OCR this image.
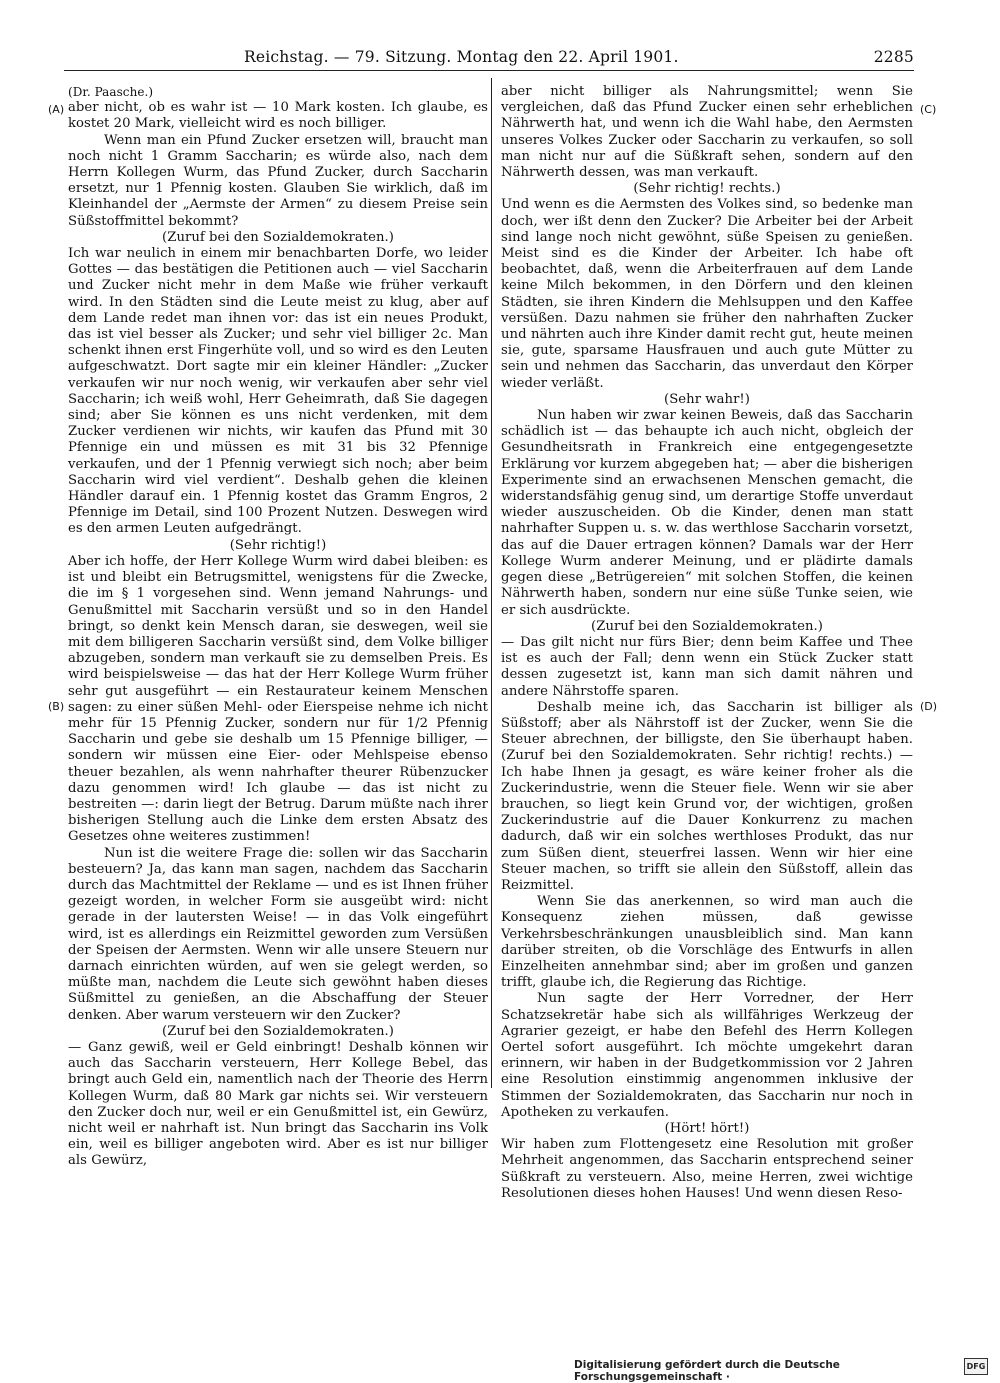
Reichstag. — 79. Sitzung. Montag den 22. April 1901.	2285
(A)
(B)
(C)
(D)

(Dr. Paasche.)

aber nicht, ob es wahr ist — 10 Mark kosten. Ich glaube, es kostet 20 Mark, vielleicht wird es noch billiger.

Wenn man ein Pfund Zucker ersetzen will, braucht man noch nicht 1 Gramm Saccharin; es würde also, nach dem Herrn Kollegen Wurm, das Pfund Zucker, durch Saccharin ersetzt, nur 1 Pfennig kosten. Glauben Sie wirklich, daß im Kleinhandel der „Aermste der Armen“ zu diesem Preise sein Süßstoffmittel bekommt?

(Zuruf bei den Sozialdemokraten.)

Ich war neulich in einem mir benachbarten Dorfe, wo leider Gottes — das bestätigen die Petitionen auch — viel Saccharin und Zucker nicht mehr in dem Maße wie früher verkauft wird. In den Städten sind die Leute meist zu klug, aber auf dem Lande redet man ihnen vor: das ist ein neues Produkt, das ist viel besser als Zucker; und sehr viel billiger 2c. Man schenkt ihnen erst Fingerhüte voll, und so wird es den Leuten aufgeschwatzt. Dort sagte mir ein kleiner Händler: „Zucker verkaufen wir nur noch wenig, wir verkaufen aber sehr viel Saccharin; ich weiß wohl, Herr Geheimrath, daß Sie dagegen sind; aber Sie können es uns nicht verdenken, mit dem Zucker verdienen wir nichts, wir kaufen das Pfund mit 30 Pfennige ein und müssen es mit 31 bis 32 Pfennige verkaufen, und der 1 Pfennig verwiegt sich noch; aber beim Saccharin wird viel verdient“. Deshalb gehen die kleinen Händler darauf ein. 1 Pfennig kostet das Gramm Engros, 2 Pfennige im Detail, sind 100 Prozent Nutzen. Deswegen wird es den armen Leuten aufgedrängt.

(Sehr richtig!)

Aber ich hoffe, der Herr Kollege Wurm wird dabei bleiben: es ist und bleibt ein Betrugsmittel, wenigstens für die Zwecke, die im § 1 vorgesehen sind. Wenn jemand Nahrungs- und Genußmittel mit Saccharin versüßt und so in den Handel bringt, so denkt kein Mensch daran, sie deswegen, weil sie mit dem billigeren Saccharin versüßt sind, dem Volke billiger abzugeben, sondern man verkauft sie zu demselben Preis. Es wird beispielsweise — das hat der Herr Kollege Wurm früher sehr gut ausgeführt — ein Restaurateur keinem Menschen sagen: zu einer süßen Mehl- oder Eierspeise nehme ich nicht mehr für 15 Pfennig Zucker, sondern nur für 1/2 Pfennig Saccharin und gebe sie deshalb um 15 Pfennige billiger, — sondern wir müssen eine Eier- oder Mehlspeise ebenso theuer bezahlen, als wenn nahrhafter theurer Rübenzucker dazu genommen wird! Ich glaube — das ist nicht zu bestreiten —: darin liegt der Betrug. Darum müßte nach ihrer bisherigen Stellung auch die Linke dem ersten Absatz des Gesetzes ohne weiteres zustimmen!

Nun ist die weitere Frage die: sollen wir das Saccharin besteuern? Ja, das kann man sagen, nachdem das Saccharin durch das Machtmittel der Reklame — und es ist Ihnen früher gezeigt worden, in welcher Form sie ausgeübt wird: nicht gerade in der lautersten Weise! — in das Volk eingeführt wird, ist es allerdings ein Reizmittel geworden zum Versüßen der Speisen der Aermsten. Wenn wir alle unsere Steuern nur darnach einrichten würden, auf wen sie gelegt werden, so müßte man, nachdem die Leute sich gewöhnt haben dieses Süßmittel zu genießen, an die Abschaffung der Steuer denken. Aber warum versteuern wir den Zucker?

(Zuruf bei den Sozialdemokraten.)

— Ganz gewiß, weil er Geld einbringt! Deshalb können wir auch das Saccharin versteuern, Herr Kollege Bebel, das bringt auch Geld ein, namentlich nach der Theorie des Herrn Kollegen Wurm, daß 80 Mark gar nichts sei. Wir versteuern den Zucker doch nur, weil er ein Genußmittel ist, ein Gewürz, nicht weil er nahrhaft ist. Nun bringt das Saccharin ins Volk ein, weil es billiger angeboten wird. Aber es ist nur billiger als Gewürz,

aber nicht billiger als Nahrungsmittel; wenn Sie vergleichen, daß das Pfund Zucker einen sehr erheblichen Nährwerth hat, und wenn ich die Wahl habe, den Aermsten unseres Volkes Zucker oder Saccharin zu verkaufen, so soll man nicht nur auf die Süßkraft sehen, sondern auf den Nährwerth dessen, was man verkauft.

(Sehr richtig! rechts.)

Und wenn es die Aermsten des Volkes sind, so bedenke man doch, wer ißt denn den Zucker? Die Arbeiter bei der Arbeit sind lange noch nicht gewöhnt, süße Speisen zu genießen. Meist sind es die Kinder der Arbeiter. Ich habe oft beobachtet, daß, wenn die Arbeiterfrauen auf dem Lande keine Milch bekommen, in den Dörfern und den kleinen Städten, sie ihren Kindern die Mehlsuppen und den Kaffee versüßen. Dazu nahmen sie früher den nahrhaften Zucker und nährten auch ihre Kinder damit recht gut, heute meinen sie, gute, sparsame Hausfrauen und auch gute Mütter zu sein und nehmen das Saccharin, das unverdaut den Körper wieder verläßt.

(Sehr wahr!)

Nun haben wir zwar keinen Beweis, daß das Saccharin schädlich ist — das behaupte ich auch nicht, obgleich der Gesundheitsrath in Frankreich eine entgegengesetzte Erklärung vor kurzem abgegeben hat; — aber die bisherigen Experimente sind an erwachsenen Menschen gemacht, die widerstandsfähig genug sind, um derartige Stoffe unverdaut wieder auszuscheiden. Ob die Kinder, denen man statt nahrhafter Suppen u. s. w. das werthlose Saccharin vorsetzt, das auf die Dauer ertragen können? Damals war der Herr Kollege Wurm anderer Meinung, und er plädirte damals gegen diese „Betrügereien“ mit solchen Stoffen, die keinen Nährwerth haben, sondern nur eine süße Tunke seien, wie er sich ausdrückte.

(Zuruf bei den Sozialdemokraten.)

— Das gilt nicht nur fürs Bier; denn beim Kaffee und Thee ist es auch der Fall; denn wenn ein Stück Zucker statt dessen zugesetzt ist, kann man sich damit nähren und andere Nährstoffe sparen.

Deshalb meine ich, das Saccharin ist billiger als Süßstoff; aber als Nährstoff ist der Zucker, wenn Sie die Steuer abrechnen, der billigste, den Sie überhaupt haben. (Zuruf bei den Sozialdemokraten. Sehr richtig! rechts.) — Ich habe Ihnen ja gesagt, es wäre keiner froher als die Zuckerindustrie, wenn die Steuer fiele. Wenn wir sie aber brauchen, so liegt kein Grund vor, der wichtigen, großen Zuckerindustrie auf die Dauer Konkurrenz zu machen dadurch, daß wir ein solches werthloses Produkt, das nur zum Süßen dient, steuerfrei lassen. Wenn wir hier eine Steuer machen, so trifft sie allein den Süßstoff, allein das Reizmittel.

Wenn Sie das anerkennen, so wird man auch die Konsequenz ziehen müssen, daß gewisse Verkehrsbeschränkungen unausbleiblich sind. Man kann darüber streiten, ob die Vorschläge des Entwurfs in allen Einzelheiten annehmbar sind; aber im großen und ganzen trifft, glaube ich, die Regierung das Richtige.

Nun sagte der Herr Vorredner, der Herr Schatzsekretär habe sich als willfähriges Werkzeug der Agrarier gezeigt, er habe den Befehl des Herrn Kollegen Oertel sofort ausgeführt. Ich möchte umgekehrt daran erinnern, wir haben in der Budgetkommission vor 2 Jahren eine Resolution einstimmig angenommen inklusive der Stimmen der Sozialdemokraten, das Saccharin nur noch in Apotheken zu verkaufen.

(Hört! hört!)

Wir haben zum Flottengesetz eine Resolution mit großer Mehrheit angenommen, das Saccharin entsprechend seiner Süßkraft zu versteuern. Also, meine Herren, zwei wichtige Resolutionen dieses hohen Hauses! Und wenn diesen Reso-

Digitalisierung gefördert durch die Deutsche Forschungsgemeinschaft ·
DFG
